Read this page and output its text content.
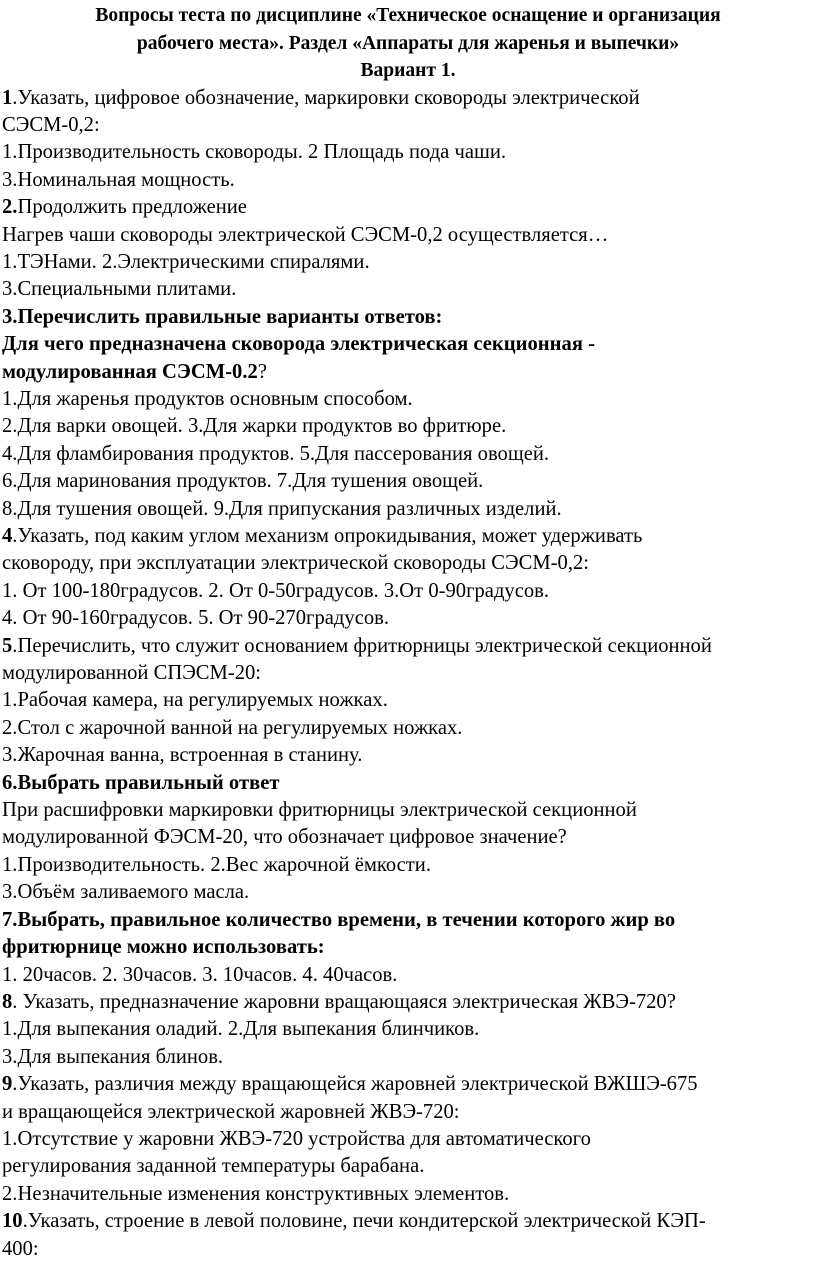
Вопросы теста по дисциплине «Техническое оснащение и организация
рабочего места». Раздел «Аппараты для жаренья и выпечки»
Вариант 1.
1.Указать, цифровое обозначение, маркировки сковороды электрической
СЭСМ-0,2:
1.Производительность сковороды. 2 Площадь пода чаши.
3.Номинальная мощность.
2.Продолжить предложение
Нагрев чаши сковороды электрической СЭСМ-0,2 осуществляется…
1.ТЭНами. 2.Электрическими спиралями.
3.Специальными плитами.
3.Перечислить правильные варианты ответов:
Для чего предназначена сковорода электрическая секционная -
модулированная СЭСМ-0.2?
1.Для жаренья продуктов основным способом.
2.Для варки овощей. 3.Для жарки продуктов во фритюре.
4.Для фламбирования продуктов. 5.Для пассерования овощей.
6.Для маринования продуктов. 7.Для тушения овощей.
8.Для тушения овощей. 9.Для припускания различных изделий.
4.Указать, под каким углом механизм опрокидывания, может удерживать
сковороду, при эксплуатации электрической сковороды СЭСМ-0,2:
1. От 100-180градусов. 2. От 0-50градусов. 3.От 0-90градусов.
4. От 90-160градусов. 5. От 90-270градусов.
5.Перечислить, что служит основанием фритюрницы электрической секционной
модулированной СПЭСМ-20:
1.Рабочая камера, на регулируемых ножках.
2.Стол с жарочной ванной на регулируемых ножках.
3.Жарочная ванна, встроенная в станину.
6.Выбрать правильный ответ
При расшифровки маркировки фритюрницы электрической секционной
модулированной ФЭСМ-20, что обозначает цифровое значение?
1.Производительность. 2.Вес жарочной ёмкости.
3.Объём заливаемого масла.
7.Выбрать, правильное количество времени, в течении которого жир во
фритюрнице можно использовать:
1. 20часов. 2. 30часов. 3. 10часов. 4. 40часов.
8. Указать, предназначение жаровни вращающаяся электрическая ЖВЭ-720?
1.Для выпекания оладий. 2.Для выпекания блинчиков.
3.Для выпекания блинов.
9.Указать, различия между вращающейся жаровней электрической ВЖШЭ-675
и вращающейся электрической жаровней ЖВЭ-720:
1.Отсутствие у жаровни ЖВЭ-720 устройства для автоматического
регулирования заданной температуры барабана.
2.Незначительные изменения конструктивных элементов.
10.Указать, строение в левой половине, печи кондитерской электрической КЭП-
400:
